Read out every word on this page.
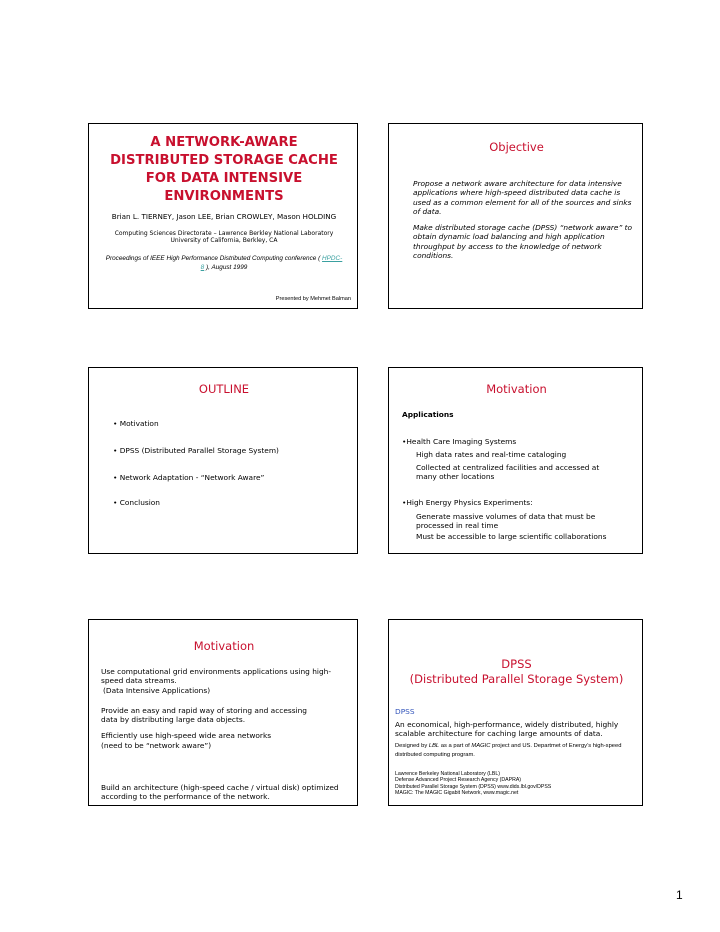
A NETWORK-AWARE DISTRIBUTED STORAGE CACHE FOR DATA INTENSIVE ENVIRONMENTS
Brian L. TIERNEY, Jason LEE, Brian CROWLEY, Mason HOLDING
Computing Sciences Directorate – Lawrence Berkley National Laboratory University of California, Berkley, CA
Proceedings of IEEE High Performance Distributed Computing conference ( HPDC-8 ), August 1999
Presented by Mehmet Balman
Objective
Propose a network aware architecture for data intensive applications where high-speed distributed data cache is used as a common element for all of the sources and sinks of data.
Make distributed storage cache (DPSS) “network aware” to obtain dynamic load balancing and high application throughput by access to the knowledge of network conditions.
OUTLINE
• Motivation
• DPSS (Distributed Parallel Storage System)
• Network Adaptation - “Network Aware”
• Conclusion
Motivation
Applications
•Health Care Imaging Systems
High data rates and real-time cataloging
Collected at centralized facilities and accessed at many other locations
•High Energy Physics Experiments:
Generate massive volumes of data that must be processed in real time
Must be accessible to large scientific collaborations
Motivation
Use computational grid environments applications using high-speed data streams.
(Data Intensive Applications)
Provide an easy and rapid way of storing and accessing data by distributing large data objects.
Efficiently use high-speed wide area networks
(need to be “network aware”)
Build an architecture (high-speed cache / virtual disk) optimized according to the performance of the network.
DPSS
(Distributed Parallel Storage System)
DPSS
An economical, high-performance, widely distributed, highly scalable architecture for caching large amounts of data.
Designed by LBL as a part of MAGIC project and US. Departmet of Energy’s high-speed distributed computing program.
Lawrence Berkeley National Laboratory (LBL)
Defense Advanced Project Research Agency (DAPRA)
Distributed Parallel Storage System (DPSS) www.dids.lbl.gov/DPSS
MAGIC: The MAGIC Gigabit Network, www.magic.net
1
